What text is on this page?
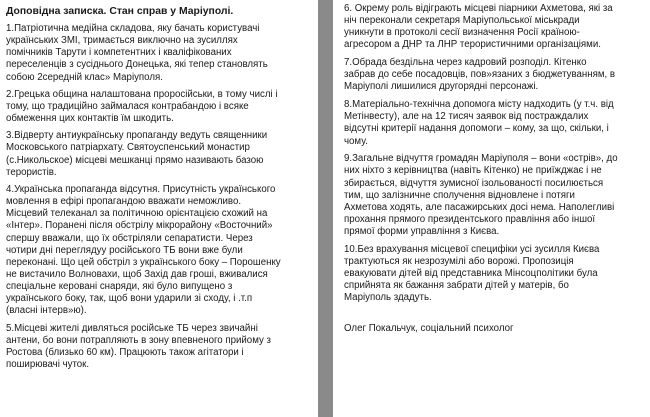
Доповідна записка. Стан справ у Маріуполі.
1.Патріотична медійна складова, яку бачать користувачі
українських ЗМІ, тримається виключно на зусиллях
помічників Тарути і компетентних і кваліфікованих
переселенців з сусіднього Донецька, які тепер становлять
собою 2середній клас» Маріуполя.
2.Грецька община налаштована проросійськи, в тому числі і
тому, що традиційно займалася контрабандою і всяке
обмеження цих контактів їм шкодить.
3.Відверту антиукраїнську пропаганду ведуть священники
Московського патріархату. Святоуспенський монастир
(с.Никольское) місцеві мешканці прямо називають базою
терористів.
4.Українська пропаганда відсутня. Присутність українського
мовлення в ефірі пропагандою вважати неможливо.
Місцевий телеканал за політичною орієнтацією схожий на
«Інтер». Поранені після обстрілу мікрорайону «Восточний»
спершу вважали, що їх обстріляли сепаратисти. Через
чотири дні переглядуу російського ТБ вони вже були
переконані. Що цей обстріл з українського боку – Порошенку
не вистачило Волновахи, щоб Захід дав гроші, вживалися
спеціальне керовані снаряди, які було випущено з
українського боку, так, щоб вони ударили зі сходу, і .т.п
(власні інтерв»ю).
5.Місцеві жителі дивляться російське ТБ через звичайні
антени, бо вони потрапляють в зону впевненого прийому з
Ростова (близько 60 км). Працюють також агітатори і
поширювачі чуток.
6. Окрему роль відіграють місцеві пiарники Ахметова, які за
ніч переконали секретаря Маріупольської міськради
уникнути в протоколі сесії визначення Росії країною-
агресором а ДНР та ЛНР терористичними організаціями.
7.Обрада бездільна через кадровий розподіл. Кітенко
забрав до себе посадовців, пов»язаних з бюджетуванням, в
Маріуполі лишилися другорядні персонажі.
8.Матеріально-технічна допомога місту надходить (у т.ч. від
Метінвесту), але на 12 тисяч заявок від постраждалих
відсутні критерії надання допомоги – кому, за що, скільки, і
чому.
9.Загальне відчуття громадян Маріуполя – вони «острів», до
них ніхто з керівництва (навіть Кітенко) не приїжджає і не
збирається, відчуття зумисної ізольованості посилюється
тим, що залізничне сполучення відновлене і потяги
Ахметова ходять, але пасажирських досі нема. Наполегливі
прохання прямого президентського правління або іншої
прямої форми управління з Києва.
10.Без врахування місцевої специфіки усі зусилля Києва
трактуються як незрозумілі або ворожі. Пропозиція
евакуювати дітей від представника Мінсоцполітики була
сприйнята як бажання забрати дітей у матерів, бо
Маріуполь здадуть.
Олег Покальчук, соціальний психолог
